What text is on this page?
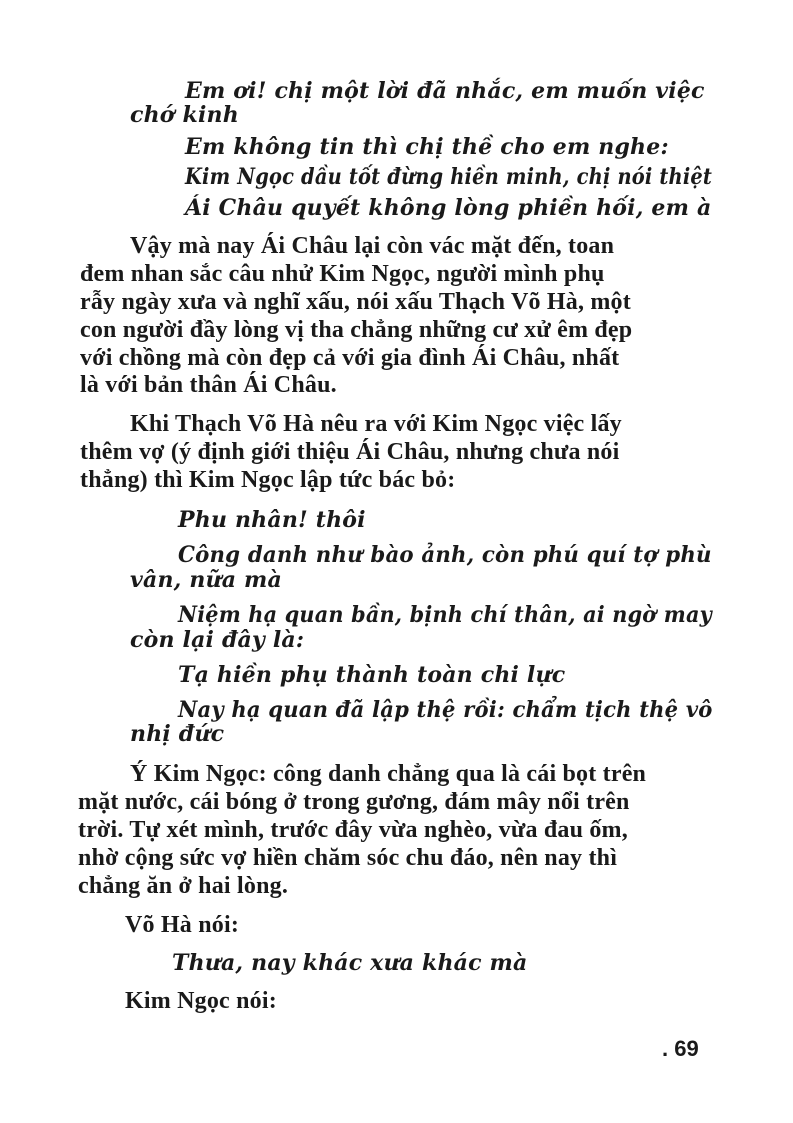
Em ơi! chị một lời đã nhắc, em muốn việc
chớ kinh
Em không tin thì chị thề cho em nghe:
Kim Ngọc dầu tốt đừng hiền minh, chị nói thiệt
Ái Châu quyết không lòng phiền hối, em à
Vậy mà nay Ái Châu lại còn vác mặt đến, toan
đem nhan sắc câu nhử Kim Ngọc, người mình phụ
rẫy ngày xưa và nghĩ xấu, nói xấu Thạch Võ Hà, một
con người đầy lòng vị tha chẳng những cư xử êm đẹp
với chồng mà còn đẹp cả với gia đình Ái Châu, nhất
là với bản thân Ái Châu.
Khi Thạch Võ Hà nêu ra với Kim Ngọc việc lấy
thêm vợ (ý định giới thiệu Ái Châu, nhưng chưa nói
thẳng) thì Kim Ngọc lập tức bác bỏ:
Phu nhân! thôi
Công danh như bào ảnh, còn phú quí tợ phù
vân, nữa mà
Niệm hạ quan bần, bịnh chí thân, ai ngờ may
còn lại đây là:
Tạ hiền phụ thành toàn chi lực
Nay hạ quan đã lập thệ rồi: chẩm tịch thệ vô
nhị đức
Ý Kim Ngọc: công danh chẳng qua là cái bọt trên
mặt nước, cái bóng ở trong gương, đám mây nổi trên
trời. Tự xét mình, trước đây vừa nghèo, vừa đau ốm,
nhờ cộng sức vợ hiền chăm sóc chu đáo, nên nay thì
chẳng ăn ở hai lòng.
Võ Hà nói:
Thưa, nay khác xưa khác mà
Kim Ngọc nói:
. 69
